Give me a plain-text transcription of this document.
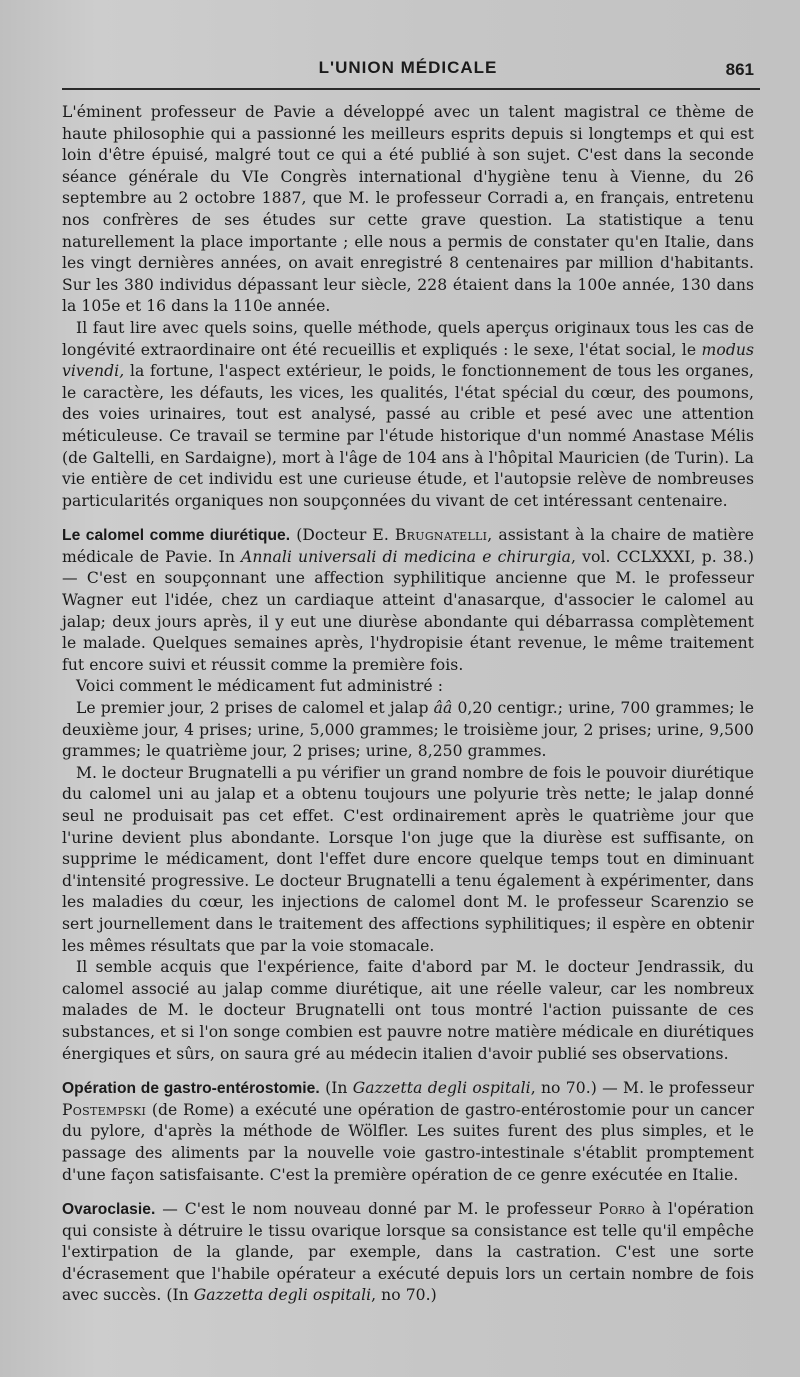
L'UNION MÉDICALE	861

L'éminent professeur de Pavie a développé avec un talent magistral ce thème de haute philosophie qui a passionné les meilleurs esprits depuis si longtemps et qui est loin d'être épuisé, malgré tout ce qui a été publié à son sujet. C'est dans la seconde séance générale du VIe Congrès international d'hygiène tenu à Vienne, du 26 septembre au 2 octobre 1887, que M. le professeur Corradi a, en français, entretenu nos confrères de ses études sur cette grave question. La statistique a tenu naturellement la place importante ; elle nous a permis de constater qu'en Italie, dans les vingt dernières années, on avait enregistré 8 centenaires par million d'habitants. Sur les 380 individus dépassant leur siècle, 228 étaient dans la 100e année, 130 dans la 105e et 16 dans la 110e année.

Il faut lire avec quels soins, quelle méthode, quels aperçus originaux tous les cas de longévité extraordinaire ont été recueillis et expliqués : le sexe, l'état social, le modus vivendi, la fortune, l'aspect extérieur, le poids, le fonctionnement de tous les organes, le caractère, les défauts, les vices, les qualités, l'état spécial du cœur, des poumons, des voies urinaires, tout est analysé, passé au crible et pesé avec une attention méticuleuse. Ce travail se termine par l'étude historique d'un nommé Anastase Mélis (de Galtelli, en Sardaigne), mort à l'âge de 104 ans à l'hôpital Mauricien (de Turin). La vie entière de cet individu est une curieuse étude, et l'autopsie relève de nombreuses particularités organiques non soupçonnées du vivant de cet intéressant centenaire.

Le calomel comme diurétique. (Docteur E. Brugnatelli, assistant à la chaire de matière médicale de Pavie. In Annali universali di medicina e chirurgia, vol. CCLXXXI, p. 38.) — C'est en soupçonnant une affection syphilitique ancienne que M. le professeur Wagner eut l'idée, chez un cardiaque atteint d'anasarque, d'associer le calomel au jalap; deux jours après, il y eut une diurèse abondante qui débarrassa complètement le malade. Quelques semaines après, l'hydropisie étant revenue, le même traitement fut encore suivi et réussit comme la première fois.

Voici comment le médicament fut administré :

Le premier jour, 2 prises de calomel et jalap ââ 0,20 centigr.; urine, 700 grammes; le deuxième jour, 4 prises; urine, 5,000 grammes; le troisième jour, 2 prises; urine, 9,500 grammes; le quatrième jour, 2 prises; urine, 8,250 grammes.

M. le docteur Brugnatelli a pu vérifier un grand nombre de fois le pouvoir diurétique du calomel uni au jalap et a obtenu toujours une polyurie très nette; le jalap donné seul ne produisait pas cet effet. C'est ordinairement après le quatrième jour que l'urine devient plus abondante. Lorsque l'on juge que la diurèse est suffisante, on supprime le médicament, dont l'effet dure encore quelque temps tout en diminuant d'intensité progressive. Le docteur Brugnatelli a tenu également à expérimenter, dans les maladies du cœur, les injections de calomel dont M. le professeur Scarenzio se sert journellement dans le traitement des affections syphilitiques; il espère en obtenir les mêmes résultats que par la voie stomacale.

Il semble acquis que l'expérience, faite d'abord par M. le docteur Jendrassik, du calomel associé au jalap comme diurétique, ait une réelle valeur, car les nombreux malades de M. le docteur Brugnatelli ont tous montré l'action puissante de ces substances, et si l'on songe combien est pauvre notre matière médicale en diurétiques énergiques et sûrs, on saura gré au médecin italien d'avoir publié ses observations.

Opération de gastro-entérostomie. (In Gazzetta degli ospitali, no 70.) — M. le professeur Postempski (de Rome) a exécuté une opération de gastro-entérostomie pour un cancer du pylore, d'après la méthode de Wölfler. Les suites furent des plus simples, et le passage des aliments par la nouvelle voie gastro-intestinale s'établit promptement d'une façon satisfaisante. C'est la première opération de ce genre exécutée en Italie.

Ovaroclasie. — C'est le nom nouveau donné par M. le professeur Porro à l'opération qui consiste à détruire le tissu ovarique lorsque sa consistance est telle qu'il empêche l'extirpation de la glande, par exemple, dans la castration. C'est une sorte d'écrasement que l'habile opérateur a exécuté depuis lors un certain nombre de fois avec succès. (In Gazzetta degli ospitali, no 70.)
